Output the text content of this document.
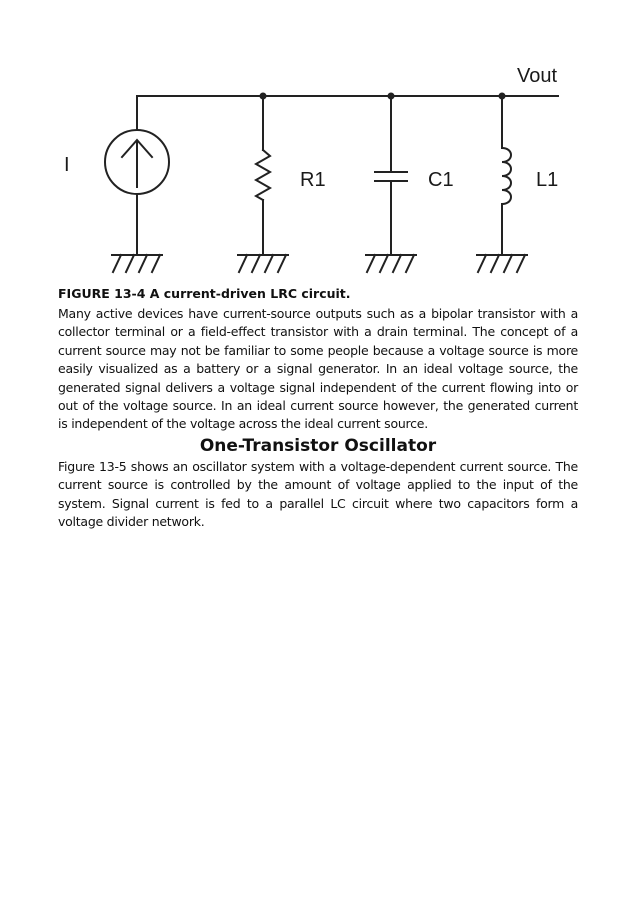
Vout
I
R1	C1	L1

FIGURE 13-4 A current-driven LRC circuit.

Many active devices have current-source outputs such as a bipolar transistor with a collector terminal or a field-effect transistor with a drain terminal. The concept of a current source may not be familiar to some people because a voltage source is more easily visualized as a battery or a signal generator. In an ideal voltage source, the generated signal delivers a voltage signal independent of the current flowing into or out of the voltage source. In an ideal current source however, the generated current is independent of the voltage across the ideal current source.

One-Transistor Oscillator

Figure 13-5 shows an oscillator system with a voltage-dependent current source. The current source is controlled by the amount of voltage applied to the input of the system. Signal current is fed to a parallel LC circuit where two capacitors form a voltage divider network.
